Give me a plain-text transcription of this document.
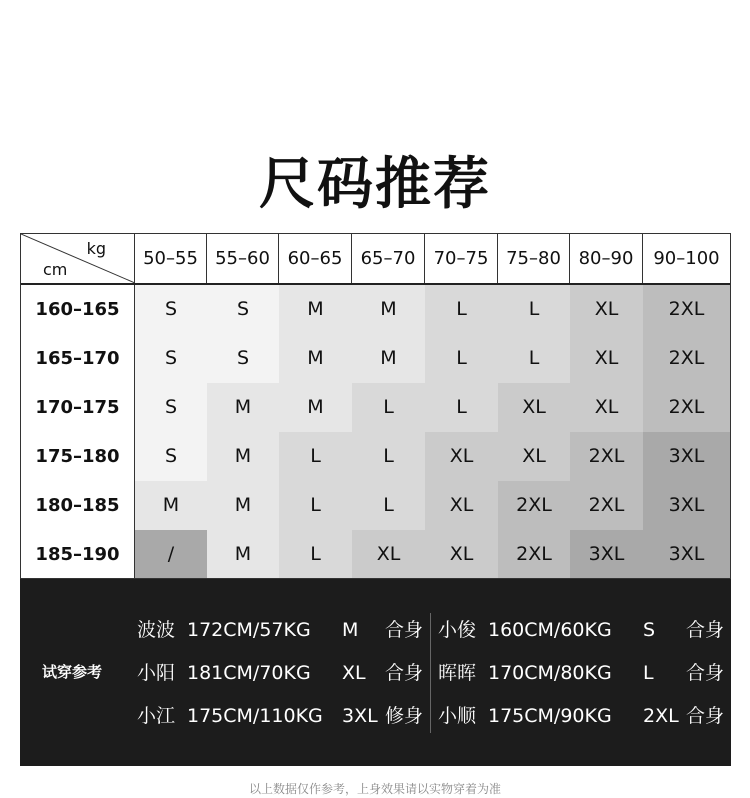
尺码推荐
kg
cm
50–55 55–60 60–65	65–70	70–75 75–80 80–90	90–100
160–165	S	S	M	M	L	L	XL	2XL
165–170	S	S	M	M	L	L	XL	2XL
170–175	S	M	M	L	L	XL	XL	2XL
175–180	S	M	L	L	XL	XL	2XL	3XL
180–185	M	M	L	L	XL	2XL	2XL	3XL
185–190	/	M	L	XL	XL	2XL	3XL	3XL
试穿参考
波波 172CM/57KG M 合身
小阳 181CM/70KG XL 合身
小江 175CM/110KG 3XL 修身
小俊 160CM/60KG S 合身
晖晖 170CM/80KG L 合身
小顺 175CM/90KG 2XL 合身
以上数据仅作参考，上身效果请以实物穿着为准
